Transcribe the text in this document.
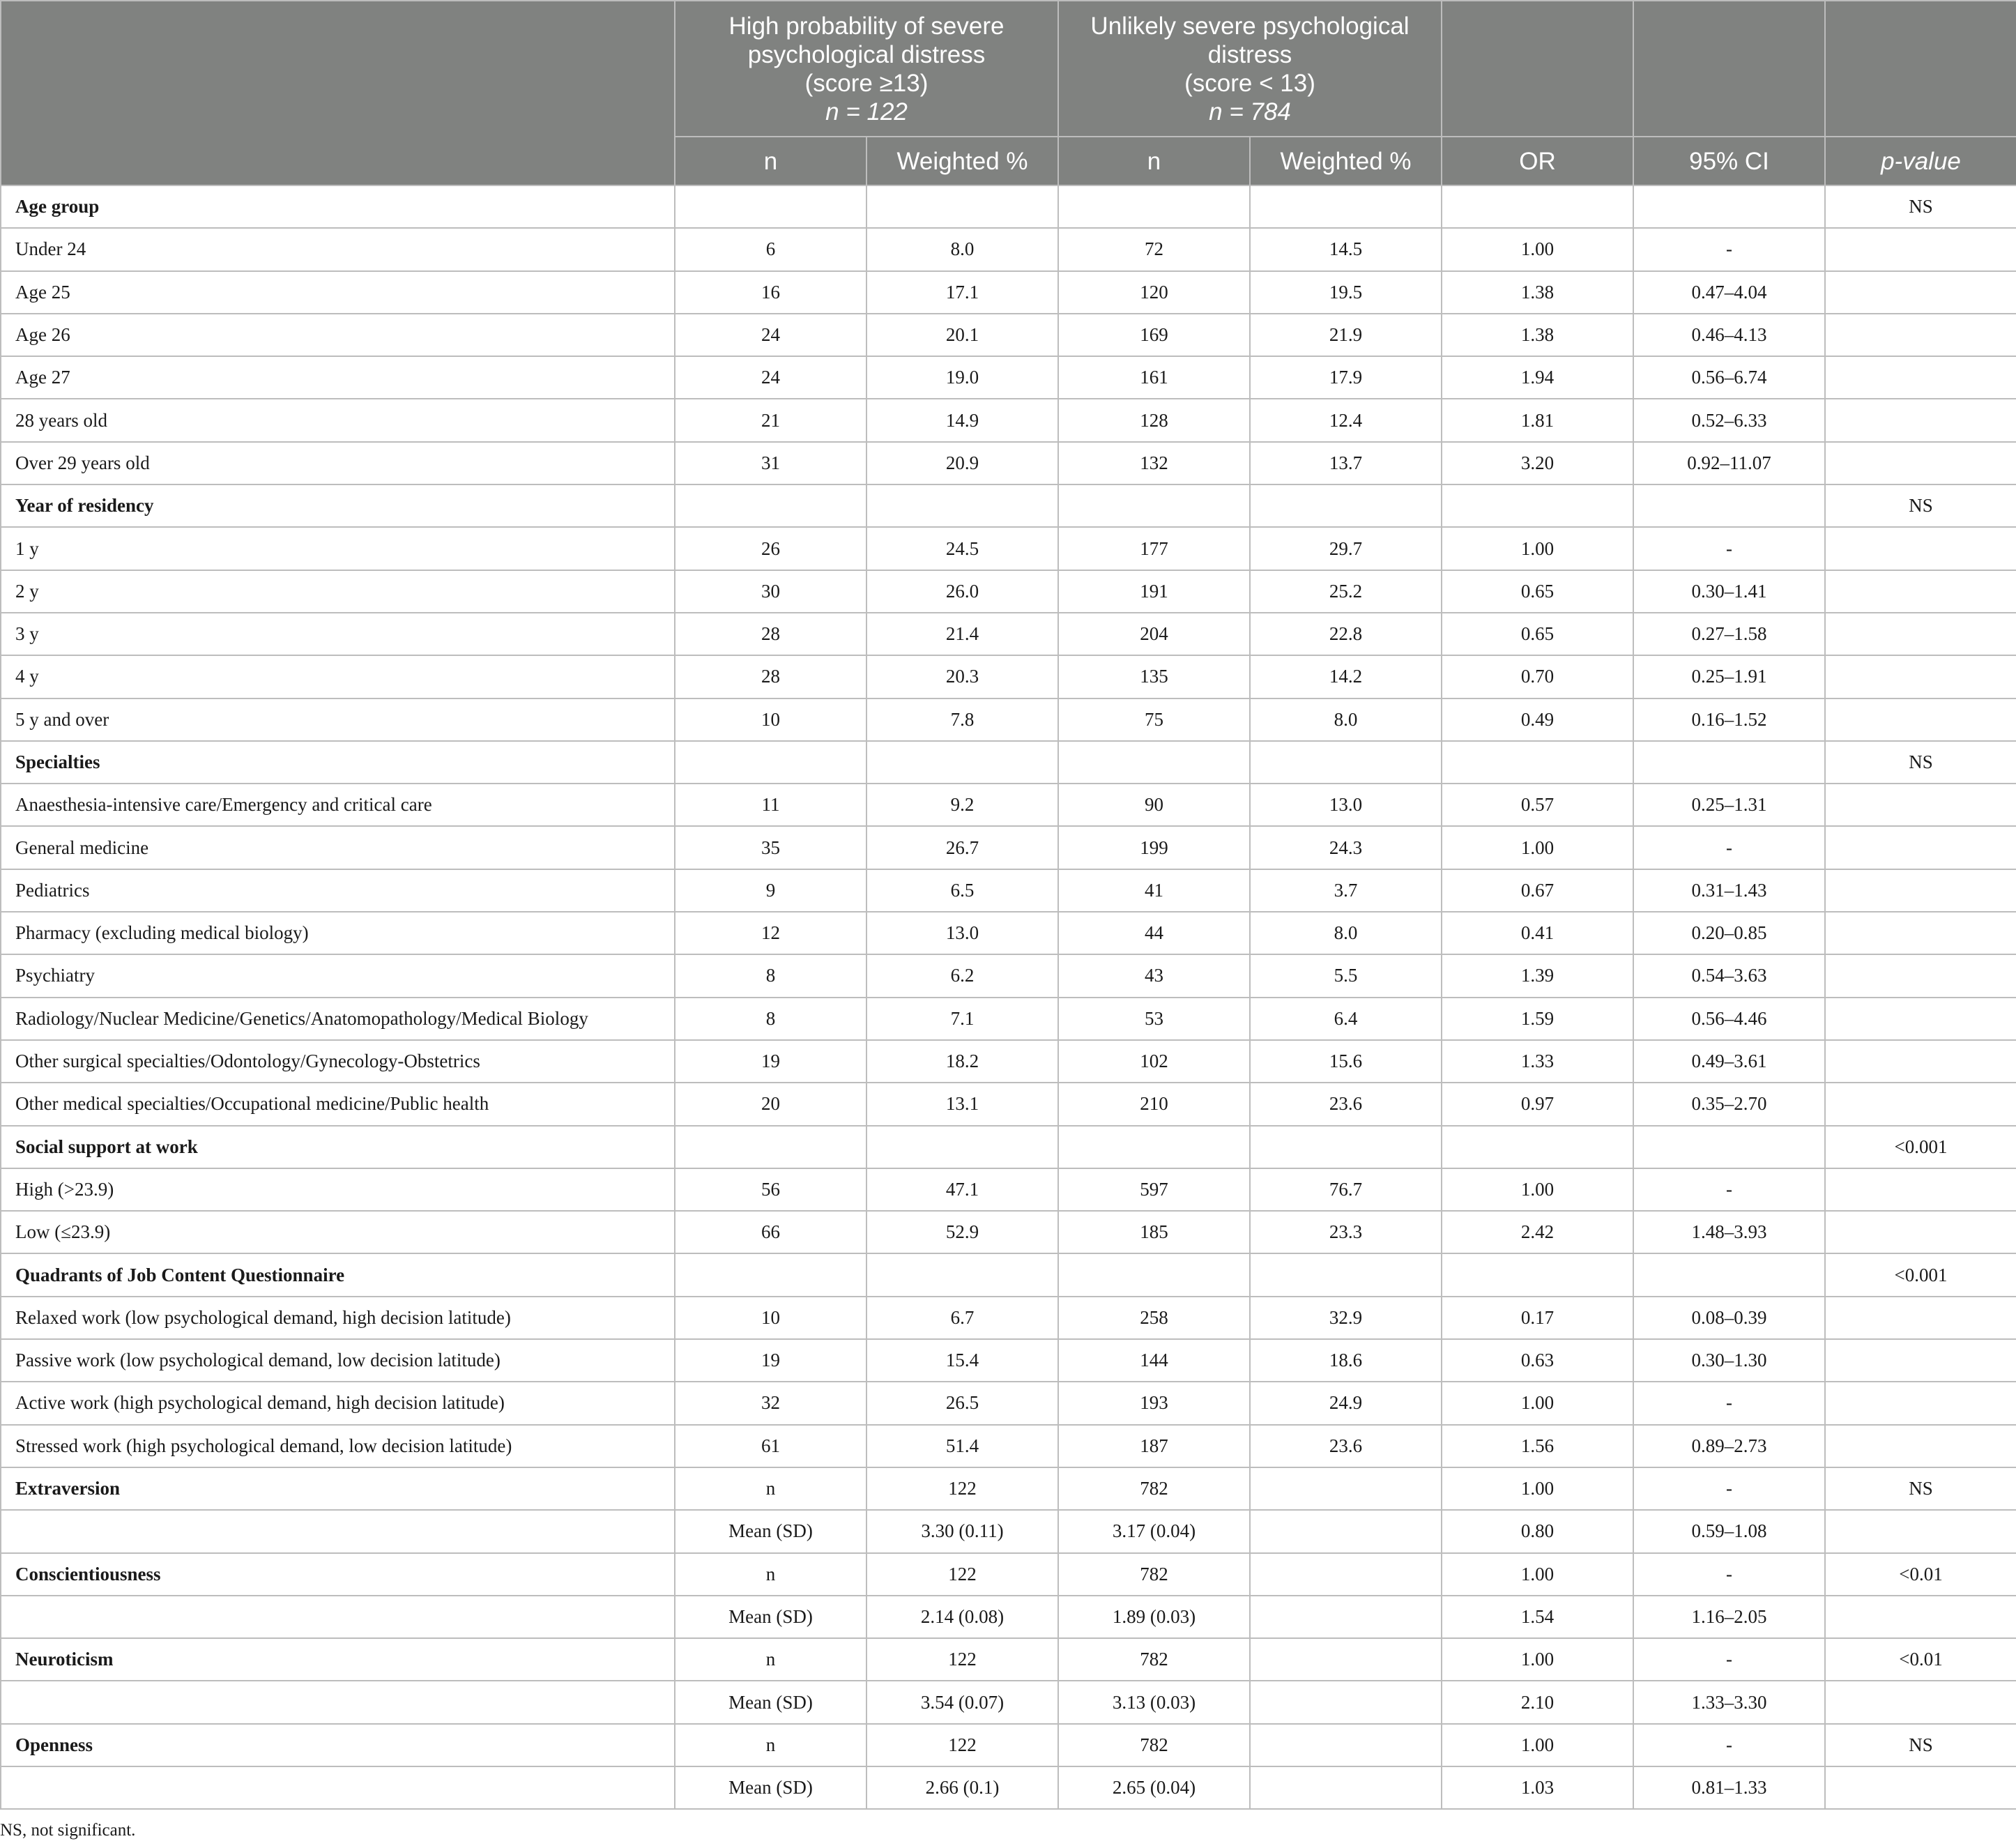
	High probability of severe
psychological distress
(score ≥13)
n = 122		Unlikely severe psychological
distress
(score < 13)
n = 784				

	n	Weighted %	n	Weighted %	OR	95% CI	p-value
Age group							NS
Under 24	6	8.0	72	14.5	1.00	-	
Age 25	16	17.1	120	19.5	1.38	0.47–4.04	
Age 26	24	20.1	169	21.9	1.38	0.46–4.13	
Age 27	24	19.0	161	17.9	1.94	0.56–6.74	
28 years old	21	14.9	128	12.4	1.81	0.52–6.33	
Over 29 years old	31	20.9	132	13.7	3.20	0.92–11.07	
Year of residency							NS
1 y	26	24.5	177	29.7	1.00	-	
2 y	30	26.0	191	25.2	0.65	0.30–1.41	
3 y	28	21.4	204	22.8	0.65	0.27–1.58	
4 y	28	20.3	135	14.2	0.70	0.25–1.91	
5 y and over	10	7.8	75	8.0	0.49	0.16–1.52	
Specialties							NS
Anaesthesia-intensive care/Emergency and critical care	11	9.2	90	13.0	0.57	0.25–1.31	
General medicine	35	26.7	199	24.3	1.00	-	
Pediatrics	9	6.5	41	3.7	0.67	0.31–1.43	
Pharmacy (excluding medical biology)	12	13.0	44	8.0	0.41	0.20–0.85	
Psychiatry	8	6.2	43	5.5	1.39	0.54–3.63	
Radiology/Nuclear Medicine/Genetics/Anatomopathology/Medical Biology	8	7.1	53	6.4	1.59	0.56–4.46	
Other surgical specialties/Odontology/Gynecology-Obstetrics	19	18.2	102	15.6	1.33	0.49–3.61	
Other medical specialties/Occupational medicine/Public health	20	13.1	210	23.6	0.97	0.35–2.70	
Social support at work							<0.001
High (>23.9)	56	47.1	597	76.7	1.00	-	
Low (≤23.9)	66	52.9	185	23.3	2.42	1.48–3.93	
Quadrants of Job Content Questionnaire							<0.001
Relaxed work (low psychological demand, high decision latitude)	10	6.7	258	32.9	0.17	0.08–0.39	
Passive work (low psychological demand, low decision latitude)	19	15.4	144	18.6	0.63	0.30–1.30	
Active work (high psychological demand, high decision latitude)	32	26.5	193	24.9	1.00	-	
Stressed work (high psychological demand, low decision latitude)	61	51.4	187	23.6	1.56	0.89–2.73	
Extraversion	n	122	782		1.00	-	NS
	Mean (SD)	3.30 (0.11)	3.17 (0.04)		0.80	0.59–1.08	
Conscientiousness	n	122	782		1.00	-	<0.01
	Mean (SD)	2.14 (0.08)	1.89 (0.03)		1.54	1.16–2.05	
Neuroticism	n	122	782		1.00	-	<0.01
	Mean (SD)	3.54 (0.07)	3.13 (0.03)		2.10	1.33–3.30	
Openness	n	122	782		1.00	-	NS
	Mean (SD)	2.66 (0.1)	2.65 (0.04)		1.03	0.81–1.33	
NS, not significant.
